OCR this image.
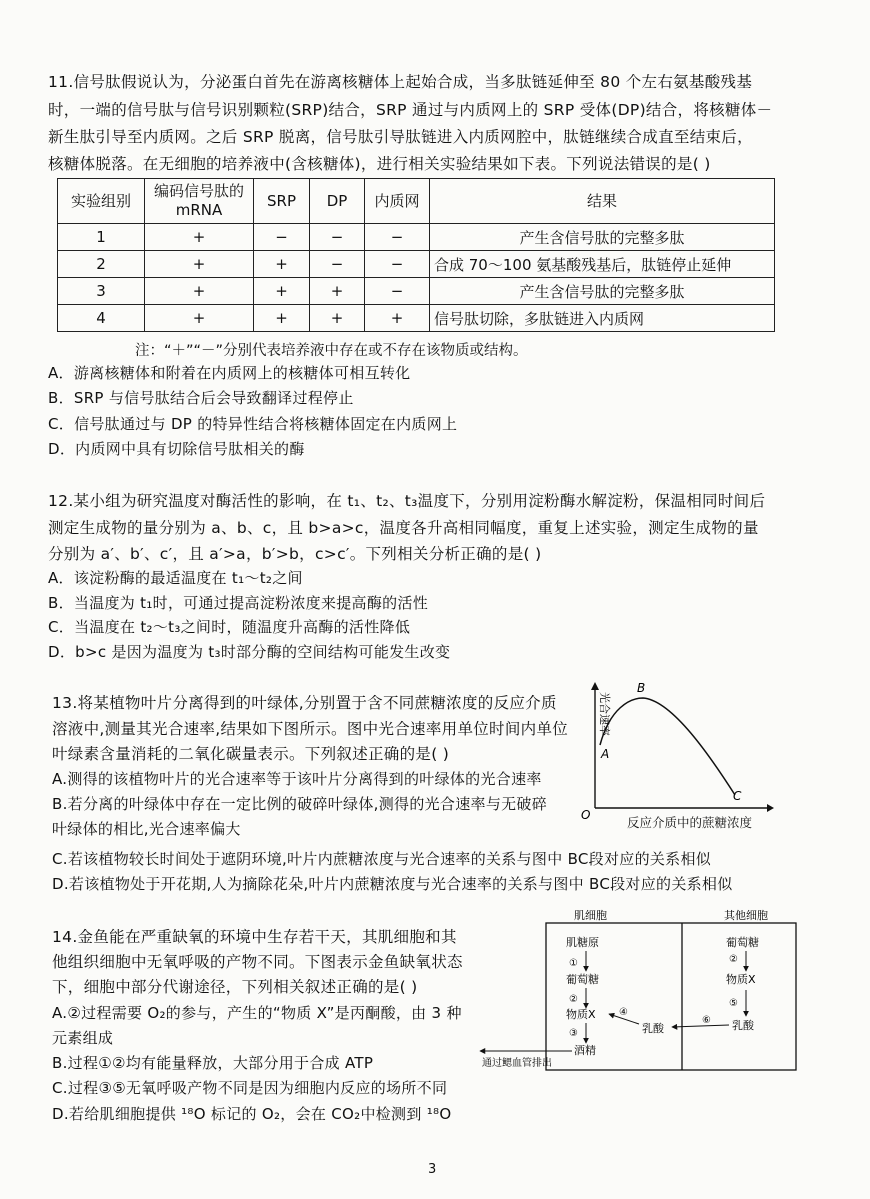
11.信号肽假说认为，分泌蛋白首先在游离核糖体上起始合成，当多肽链延伸至 80 个左右氨基酸残基
时，一端的信号肽与信号识别颗粒(SRP)结合，SRP 通过与内质网上的 SRP 受体(DP)结合，将核糖体－
新生肽引导至内质网。之后 SRP 脱离，信号肽引导肽链进入内质网腔中，肽链继续合成直至结束后，
核糖体脱落。在无细胞的培养液中(含核糖体)，进行相关实验结果如下表。下列说法错误的是( )
实验组别	编码信号肽的 mRNA	SRP	DP	内质网	结果
1	+	−	−	−	产生含信号肽的完整多肽
2	+	+	−	−	合成 70～100 氨基酸残基后，肽链停止延伸
3	+	+	+	−	产生含信号肽的完整多肽
4	+	+	+	+	信号肽切除，多肽链进入内质网
注：“＋”“－”分别代表培养液中存在或不存在该物质或结构。
A．游离核糖体和附着在内质网上的核糖体可相互转化
B．SRP 与信号肽结合后会导致翻译过程停止
C．信号肽通过与 DP 的特异性结合将核糖体固定在内质网上
D．内质网中具有切除信号肽相关的酶
12.某小组为研究温度对酶活性的影响，在 t₁、t₂、t₃温度下，分别用淀粉酶水解淀粉，保温相同时间后
测定生成物的量分别为 a、b、c，且 b>a>c，温度各升高相同幅度，重复上述实验，测定生成物的量
分别为 a′、b′、c′，且 a′>a，b′>b，c>c′。下列相关分析正确的是( )
A．该淀粉酶的最适温度在 t₁～t₂之间
B．当温度为 t₁时，可通过提高淀粉浓度来提高酶的活性
C．当温度在 t₂～t₃之间时，随温度升高酶的活性降低
D．b>c 是因为温度为 t₃时部分酶的空间结构可能发生改变
13.将某植物叶片分离得到的叶绿体,分别置于含不同蔗糖浓度的反应介质
溶液中,测量其光合速率,结果如下图所示。图中光合速率用单位时间内单位
叶绿素含量消耗的二氧化碳量表示。下列叙述正确的是( )
A.测得的该植物叶片的光合速率等于该叶片分离得到的叶绿体的光合速率
B.若分离的叶绿体中存在一定比例的破碎叶绿体,测得的光合速率与无破碎
叶绿体的相比,光合速率偏大
C.若该植物较长时间处于遮阴环境,叶片内蔗糖浓度与光合速率的关系与图中 BC段对应的关系相似
D.若该植物处于开花期,人为摘除花朵,叶片内蔗糖浓度与光合速率的关系与图中 BC段对应的关系相似
O
A
B
C
光合速率
反应介质中的蔗糖浓度
14.金鱼能在严重缺氧的环境中生存若干天，其肌细胞和其
他组织细胞中无氧呼吸的产物不同。下图表示金鱼缺氧状态
下，细胞中部分代谢途径，下列相关叙述正确的是( )
A.②过程需要 O₂的参与，产生的“物质 X”是丙酮酸，由 3 种
元素组成
B.过程①②均有能量释放，大部分用于合成 ATP
C.过程③⑤无氧呼吸产物不同是因为细胞内反应的场所不同
D.若给肌细胞提供 ¹⁸O 标记的 O₂，会在 CO₂中检测到 ¹⁸O
肌细胞	其他细胞
肌糖原
①
葡萄糖
②
物质X
③
酒精
④
乳酸
葡萄糖
②
物质X
⑤
乳酸
⑥
通过鳃血管排出
3
